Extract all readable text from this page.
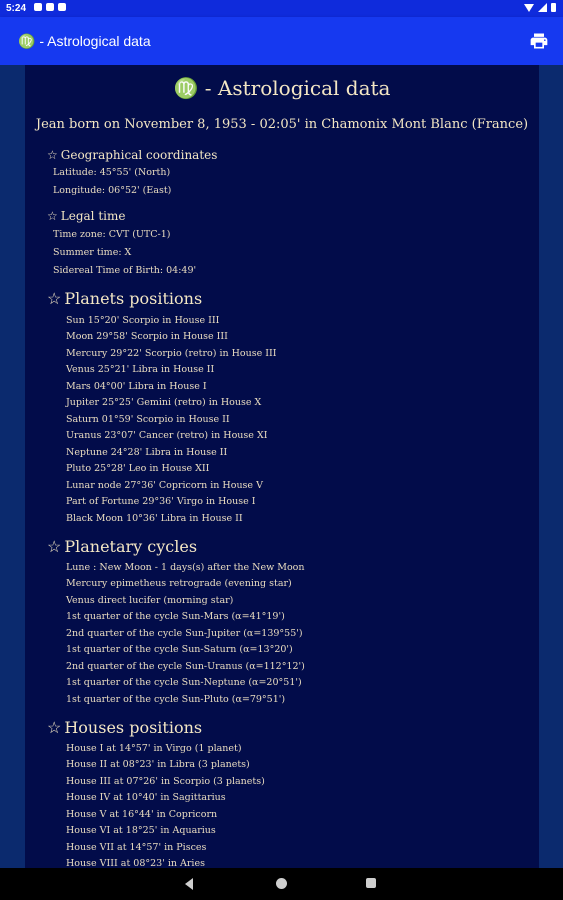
5:24
♍ - Astrological data
♍ - Astrological data
Jean born on November 8, 1953 - 02:05' in Chamonix Mont Blanc (France)
☆ Geographical coordinates
Latitude: 45°55' (North)
Longitude: 06°52' (East)
☆ Legal time
Time zone: CVT (UTC-1)
Summer time: X
Sidereal Time of Birth: 04:49'
☆ Planets positions
Sun 15°20' Scorpio in House III
Moon 29°58' Scorpio in House III
Mercury 29°22' Scorpio (retro) in House III
Venus 25°21' Libra in House II
Mars 04°00' Libra in House I
Jupiter 25°25' Gemini (retro) in House X
Saturn 01°59' Scorpio in House II
Uranus 23°07' Cancer (retro) in House XI
Neptune 24°28' Libra in House II
Pluto 25°28' Leo in House XII
Lunar node 27°36' Copricorn in House V
Part of Fortune 29°36' Virgo in House I
Black Moon 10°36' Libra in House II
☆ Planetary cycles
Lune : New Moon - 1 days(s) after the New Moon
Mercury epimetheus retrograde (evening star)
Venus direct lucifer (morning star)
1st quarter of the cycle Sun-Mars (α=41°19')
2nd quarter of the cycle Sun-Jupiter (α=139°55')
1st quarter of the cycle Sun-Saturn (α=13°20')
2nd quarter of the cycle Sun-Uranus (α=112°12')
1st quarter of the cycle Sun-Neptune (α=20°51')
1st quarter of the cycle Sun-Pluto (α=79°51')
☆ Houses positions
House I at 14°57' in Virgo (1 planet)
House II at 08°23' in Libra (3 planets)
House III at 07°26' in Scorpio (3 planets)
House IV at 10°40' in Sagittarius
House V at 16°44' in Copricorn
House VI at 18°25' in Aquarius
House VII at 14°57' in Pisces
House VIII at 08°23' in Aries
